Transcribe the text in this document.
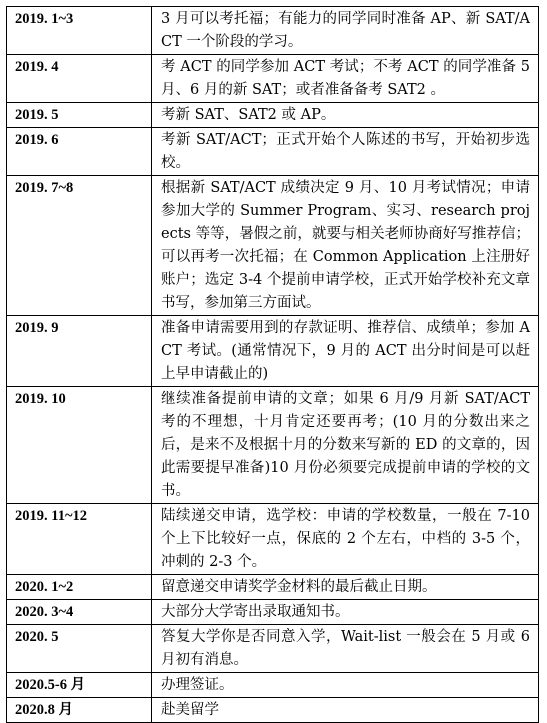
2019. 1~3	3 月可以考托福；有能力的同学同时准备 AP、新 SAT/ACT 一个阶段的学习。
2019. 4	考 ACT 的同学参加 ACT 考试；不考 ACT 的同学准备 5 月、6 月的新 SAT；或者准备备考 SAT2 。
2019. 5	考新 SAT、SAT2 或 AP。
2019. 6	考新 SAT/ACT；正式开始个人陈述的书写，开始初步选校。
2019. 7~8	根据新 SAT/ACT 成绩决定 9 月、10 月考试情况；申请参加大学的 Summer Program、实习、research projects 等等，暑假之前，就要与相关老师协商好写推荐信；可以再考一次托福；在 Common Application 上注册好账户；选定 3-4 个提前申请学校，正式开始学校补充文章书写，参加第三方面试。
2019. 9	准备申请需要用到的存款证明、推荐信、成绩单；参加 ACT 考试。(通常情况下，9 月的 ACT 出分时间是可以赶上早申请截止的)
2019. 10	继续准备提前申请的文章；如果 6 月/9 月新 SAT/ACT 考的不理想，十月肯定还要再考；(10 月的分数出来之后，是来不及根据十月的分数来写新的 ED 的文章的，因此需要提早准备)10 月份必须要完成提前申请的学校的文书。
2019. 11~12	陆续递交申请，选学校：申请的学校数量，一般在 7-10 个上下比较好一点，保底的 2 个左右，中档的 3-5 个，冲刺的 2-3 个。
2020. 1~2	留意递交申请奖学金材料的最后截止日期。
2020. 3~4	大部分大学寄出录取通知书。
2020. 5	答复大学你是否同意入学，Wait-list 一般会在 5 月或 6 月初有消息。
2020.5-6 月	办理签证。
2020.8 月	赴美留学
